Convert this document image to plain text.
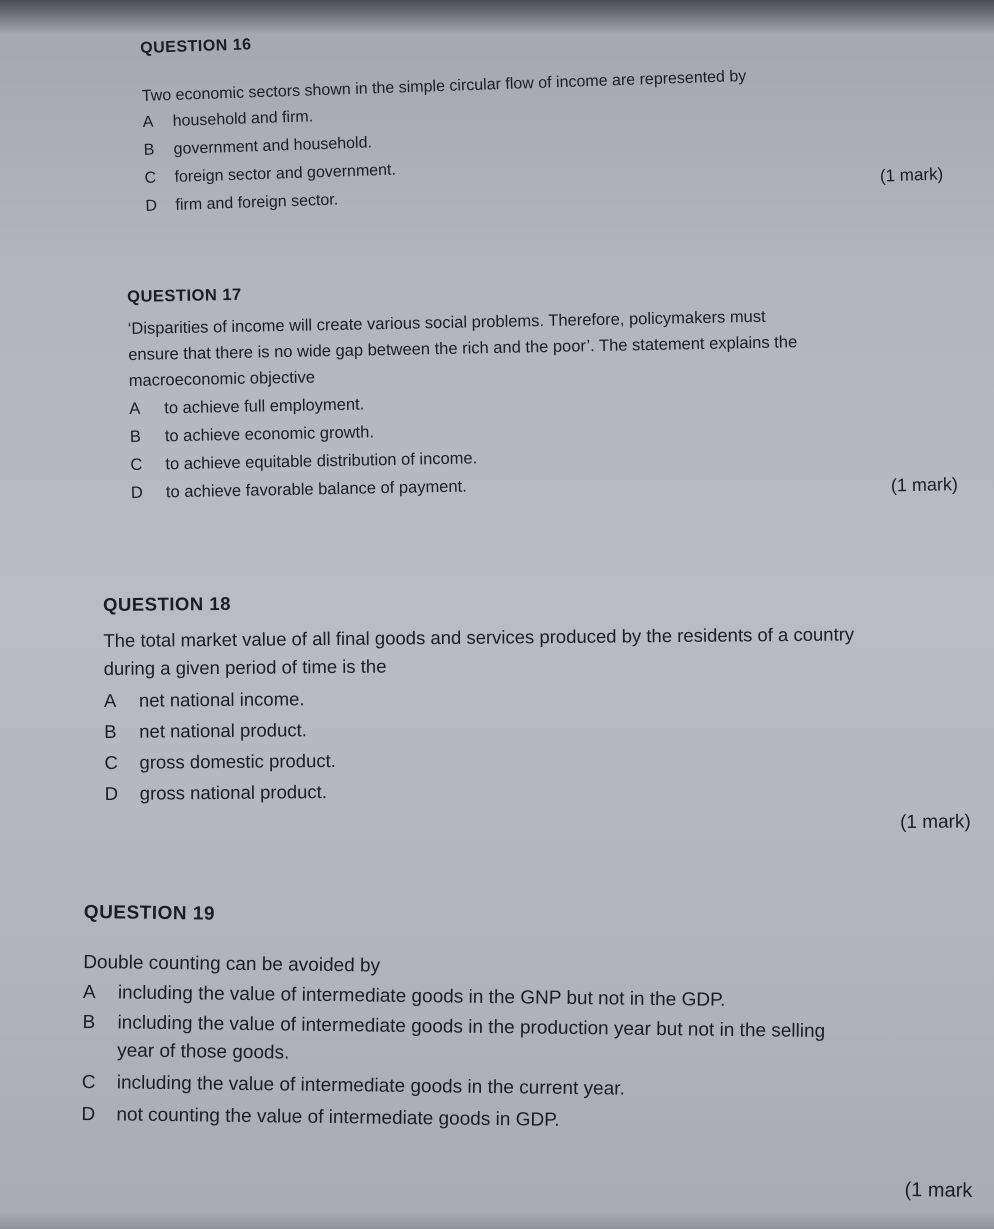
QUESTION 16
Two economic sectors shown in the simple circular flow of income are represented by
A household and firm.
B government and household.
C foreign sector and government.
D firm and foreign sector.
(1 mark)
QUESTION 17
‘Disparities of income will create various social problems. Therefore, policymakers must
ensure that there is no wide gap between the rich and the poor’. The statement explains the
macroeconomic objective
A to achieve full employment.
B to achieve economic growth.
C to achieve equitable distribution of income.
D to achieve favorable balance of payment.	(1 mark)
QUESTION 18
The total market value of all final goods and services produced by the residents of a country
during a given period of time is the
A net national income.
B net national product.
C gross domestic product.
D gross national product.
(1 mark)
QUESTION 19
Double counting can be avoided by
A including the value of intermediate goods in the GNP but not in the GDP.
B including the value of intermediate goods in the production year but not in the selling
year of those goods.
C including the value of intermediate goods in the current year.
D not counting the value of intermediate goods in GDP.
(1 mark
